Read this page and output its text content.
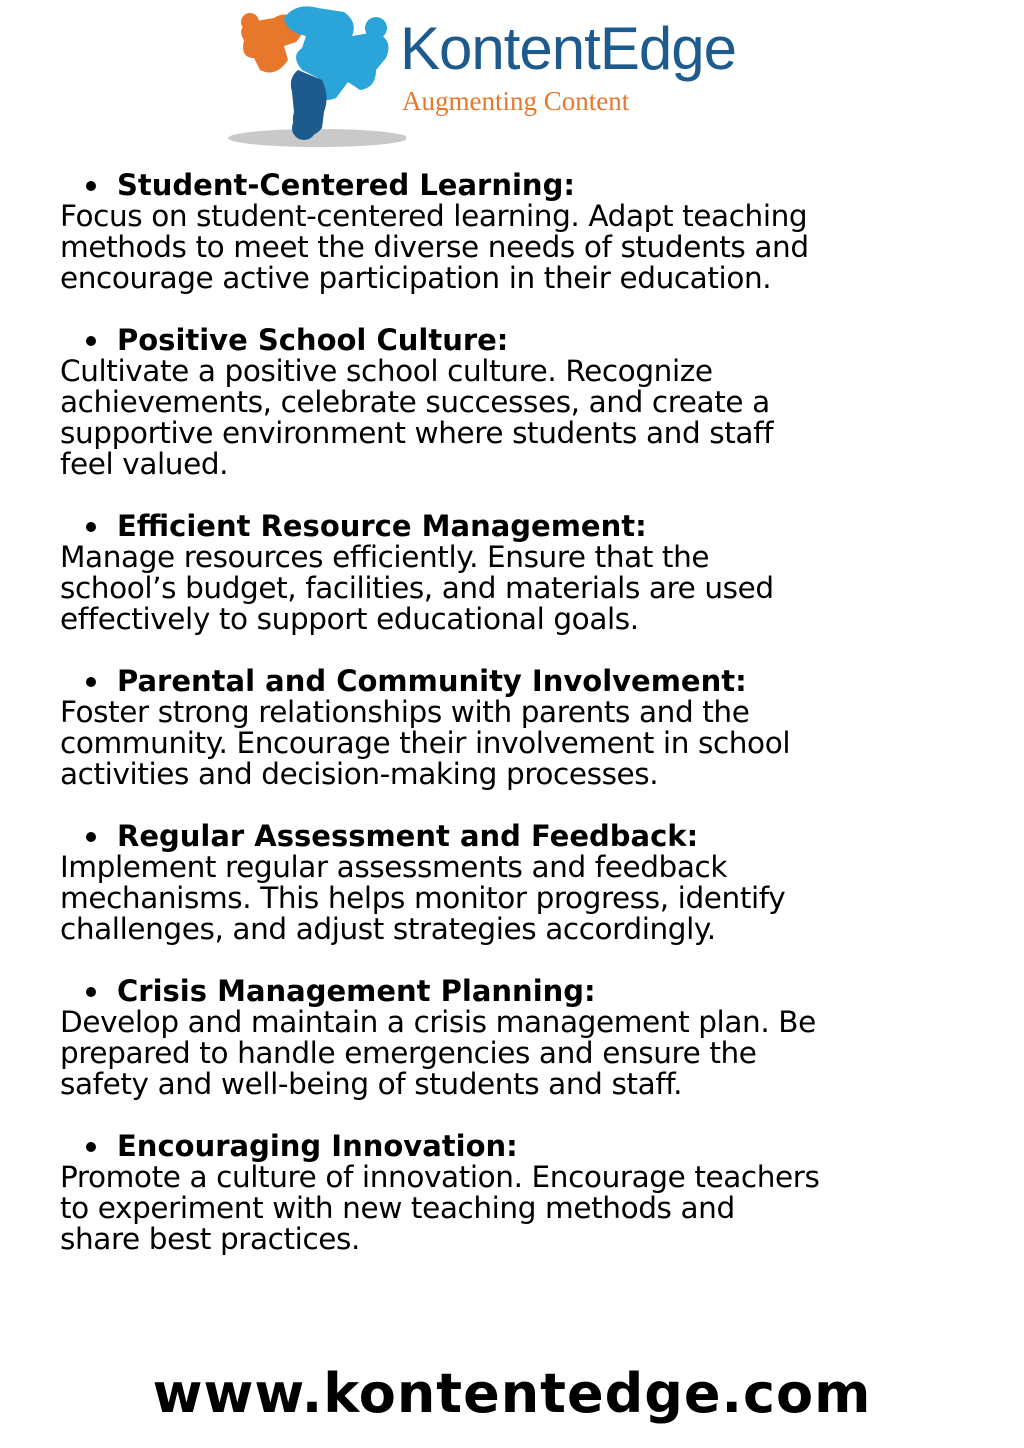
KontentEdge
Augmenting Content
Student-Centered Learning:

Focus on student-centered learning. Adapt teaching
methods to meet the diverse needs of students and
encourage active participation in their education.

Positive School Culture:

Cultivate a positive school culture. Recognize
achievements, celebrate successes, and create a
supportive environment where students and staff
feel valued.

Efficient Resource Management:

Manage resources efficiently. Ensure that the
school’s budget, facilities, and materials are used
effectively to support educational goals.

Parental and Community Involvement:

Foster strong relationships with parents and the
community. Encourage their involvement in school
activities and decision-making processes.

Regular Assessment and Feedback:

Implement regular assessments and feedback
mechanisms. This helps monitor progress, identify
challenges, and adjust strategies accordingly.

Crisis Management Planning:

Develop and maintain a crisis management plan. Be
prepared to handle emergencies and ensure the
safety and well-being of students and staff.

Encouraging Innovation:

Promote a culture of innovation. Encourage teachers
to experiment with new teaching methods and
share best practices.

www.kontentedge.com
